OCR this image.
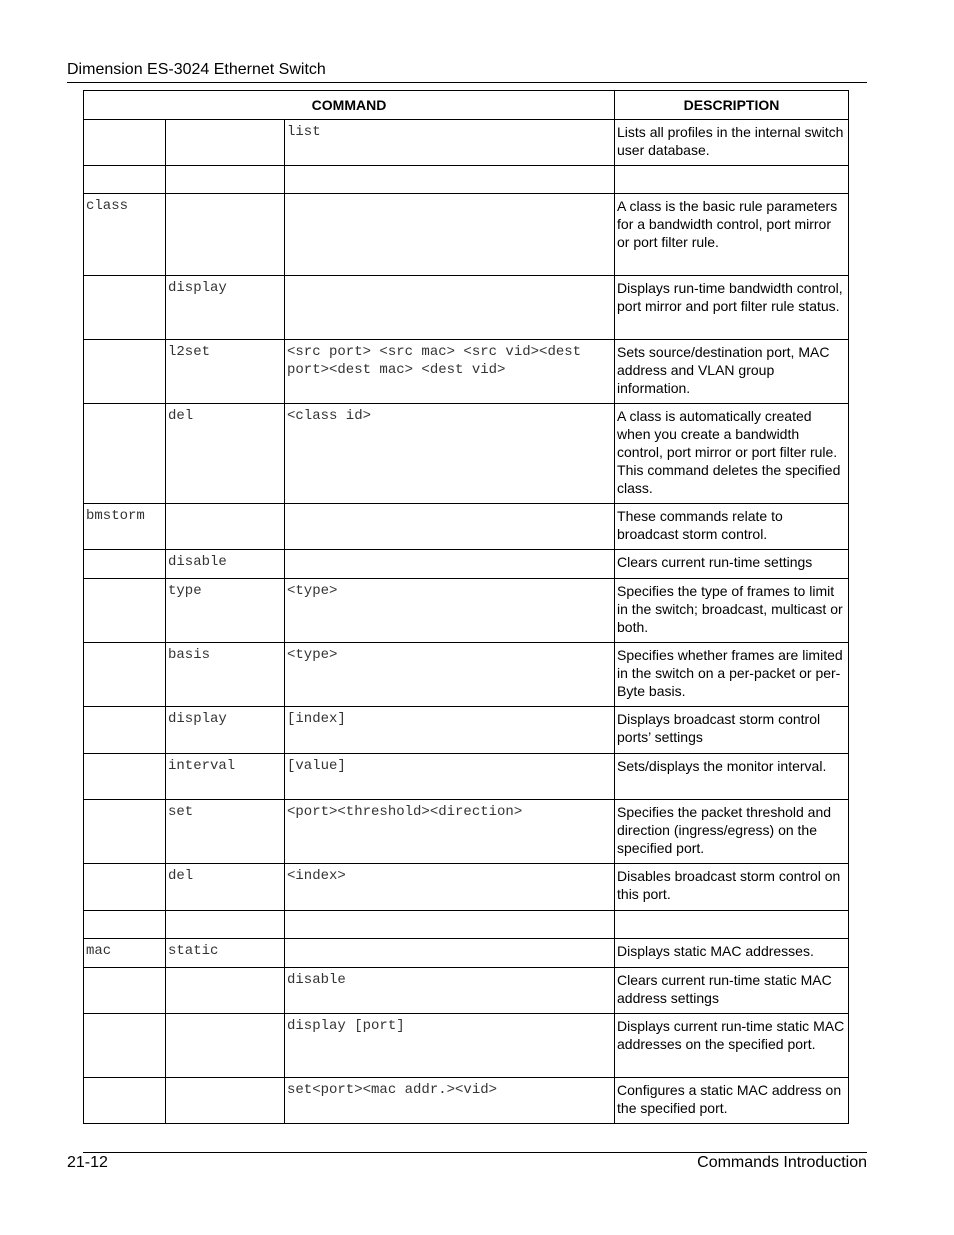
Dimension ES-3024 Ethernet Switch
COMMAND			DESCRIPTION
		list	Lists all profiles in the internal switch user database.

class			A class is the basic rule parameters for a bandwidth control, port mirror or port filter rule.
	display		Displays run-time bandwidth control, port mirror and port filter rule status.
	l2set	<src port> <src mac> <src vid><dest port><dest mac> <dest vid>	Sets source/destination port, MAC address and VLAN group information.
	del	<class id>	A class is automatically created when you create a bandwidth control, port mirror or port filter rule. This command deletes the specified class.
bmstorm			These commands relate to broadcast storm control.
	disable		Clears current run-time settings
	type	<type>	Specifies the type of frames to limit in the switch; broadcast, multicast or both.
	basis	<type>	Specifies whether frames are limited in the switch on a per-packet or per-Byte basis.
	display	[index]	Displays broadcast storm control ports’ settings
	interval	[value]	Sets/displays the monitor interval.
	set	<port><threshold><direction>	Specifies the packet threshold and direction (ingress/egress) on the specified port.
	del	<index>	Disables broadcast storm control on this port.

mac	static		Displays static MAC addresses.
		disable	Clears current run-time static MAC address settings
		display [port]	Displays current run-time static MAC addresses on the specified port.
		set<port><mac addr.><vid>	Configures a static MAC address on the specified port.
21-12	Commands Introduction
